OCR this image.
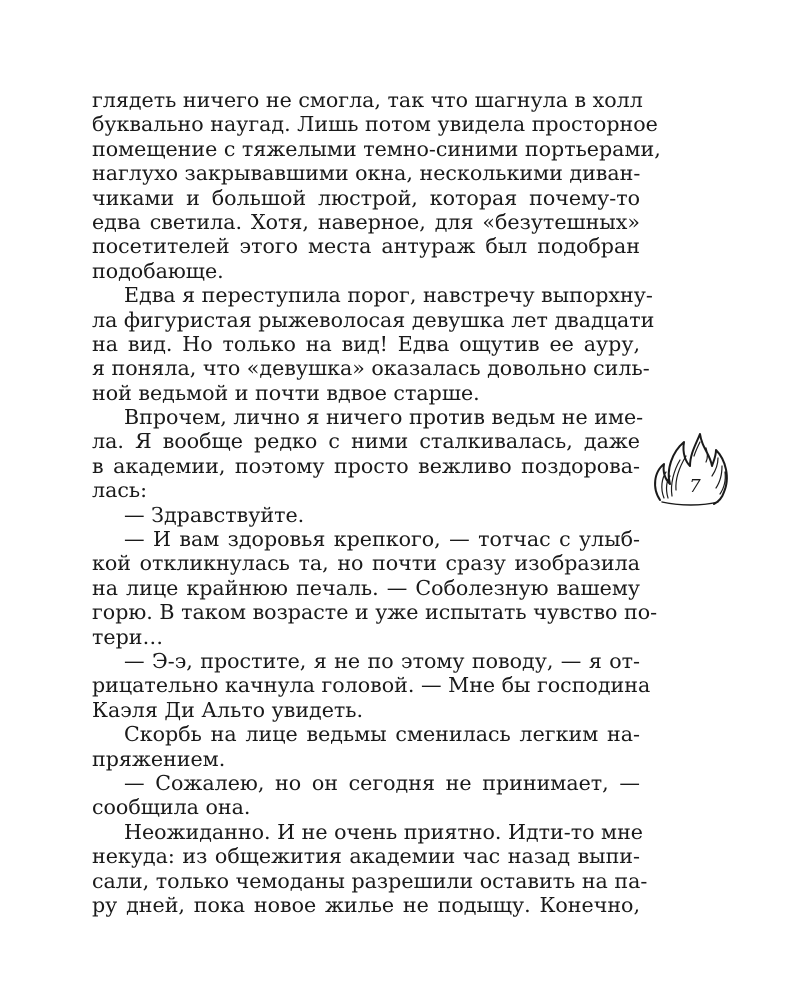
глядеть ничего не смогла, так что шагнула в холл
буквально наугад. Лишь потом увидела просторное
помещение с тяжелыми темно-синими портьерами,
наглухо закрывавшими окна, несколькими диван-
чиками и большой люстрой, которая почему-то
едва светила. Хотя, наверное, для «безутешных»
посетителей этого места антураж был подобран
подобающе.
Едва я переступила порог, навстречу выпорхну-
ла фигуристая рыжеволосая девушка лет двадцати
на вид. Но только на вид! Едва ощутив ее ауру,
я поняла, что «девушка» оказалась довольно силь-
ной ведьмой и почти вдвое старше.
Впрочем, лично я ничего против ведьм не име-
ла. Я вообще редко с ними сталкивалась, даже
в академии, поэтому просто вежливо поздорова-
лась:
— Здравствуйте.
— И вам здоровья крепкого, — тотчас с улыб-
кой откликнулась та, но почти сразу изобразила
на лице крайнюю печаль. — Соболезную вашему
горю. В таком возрасте и уже испытать чувство по-
тери…
— Э-э, простите, я не по этому поводу, — я от-
рицательно качнула головой. — Мне бы господина
Каэля Ди Альто увидеть.
Скорбь на лице ведьмы сменилась легким на-
пряжением.
— Сожалею, но он сегодня не принимает, —
сообщила она.
Неожиданно. И не очень приятно. Идти-то мне
некуда: из общежития академии час назад выпи-
сали, только чемоданы разрешили оставить на па-
ру дней, пока новое жилье не подыщу. Конечно,
7
